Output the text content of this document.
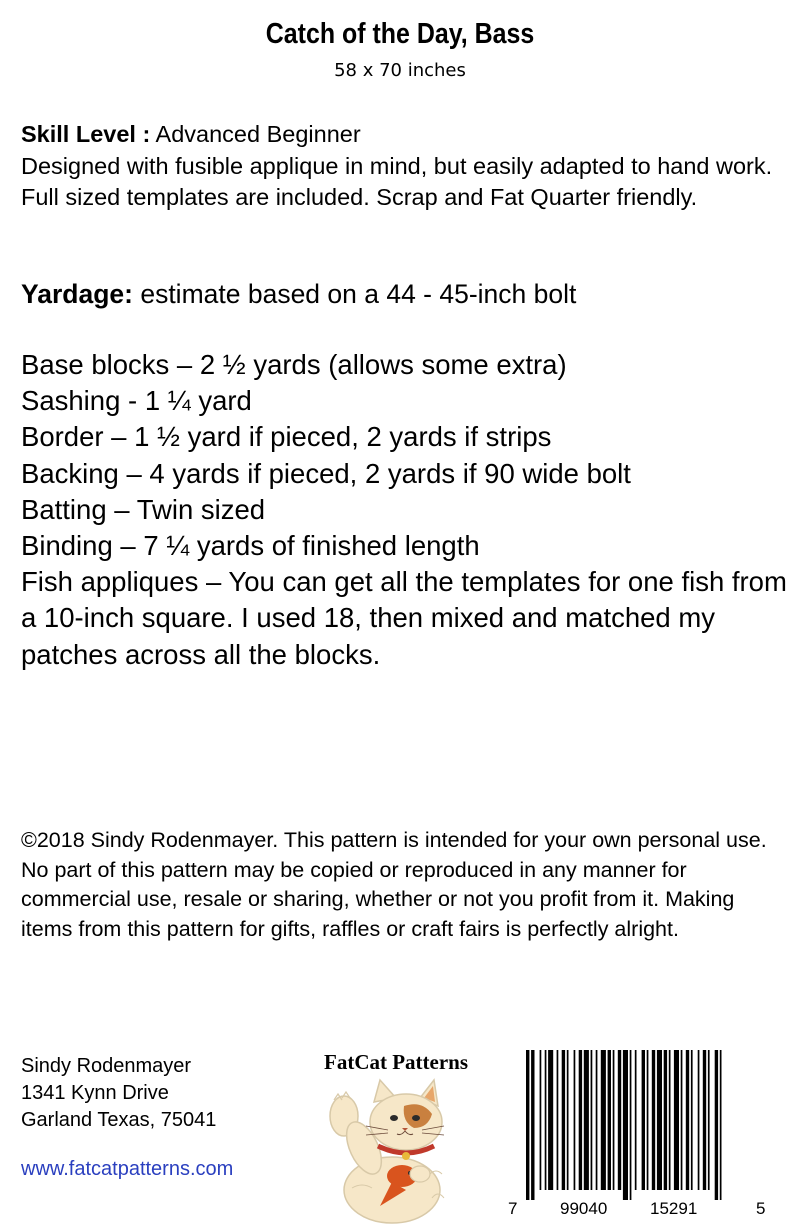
Catch of the Day, Bass
58 x 70 inches
Skill Level : Advanced Beginner
Designed with fusible applique in mind, but easily adapted to hand work. Full sized templates are included. Scrap and Fat Quarter friendly.
Yardage: estimate based on a 44 - 45-inch bolt
Base blocks – 2 ½ yards (allows some extra)
Sashing - 1 ¼ yard
Border – 1 ½ yard if pieced, 2 yards if strips
Backing – 4 yards if pieced, 2 yards if 90 wide bolt
Batting – Twin sized
Binding – 7 ¼ yards of finished length
Fish appliques – You can get all the templates for one fish from a 10-inch square. I used 18, then mixed and matched my patches across all the blocks.
©2018 Sindy Rodenmayer. This pattern is intended for your own personal use. No part of this pattern may be copied or reproduced in any manner for commercial use, resale or sharing, whether or not you profit from it. Making items from this pattern for gifts, raffles or craft fairs is perfectly alright.
Sindy Rodenmayer
1341 Kynn Drive
Garland Texas, 75041
www.fatcatpatterns.com
FatCat Patterns
7	99040	15291	5
